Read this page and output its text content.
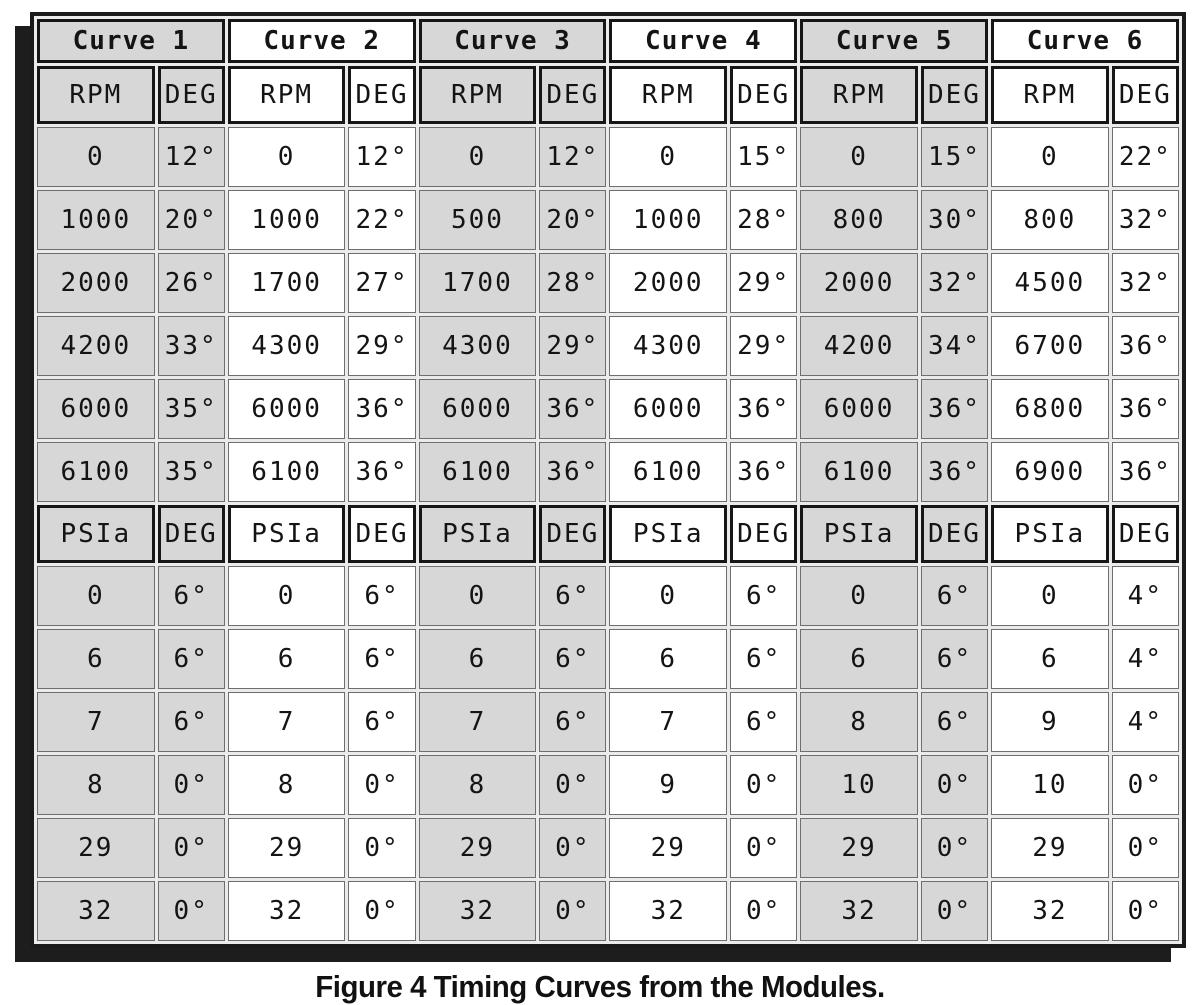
Curve 1		Curve 2		Curve 3		Curve 4		Curve 5		Curve 6	
RPM	DEG	RPM	DEG	RPM	DEG	RPM	DEG	RPM	DEG	RPM	DEG
0	12°	0	12°	0	12°	0	15°	0	15°	0	22°
1000	20°	1000	22°	500	20°	1000	28°	800	30°	800	32°
2000	26°	1700	27°	1700	28°	2000	29°	2000	32°	4500	32°
4200	33°	4300	29°	4300	29°	4300	29°	4200	34°	6700	36°
6000	35°	6000	36°	6000	36°	6000	36°	6000	36°	6800	36°
6100	35°	6100	36°	6100	36°	6100	36°	6100	36°	6900	36°
PSIa	DEG	PSIa	DEG	PSIa	DEG	PSIa	DEG	PSIa	DEG	PSIa	DEG
0	6°	0	6°	0	6°	0	6°	0	6°	0	4°
6	6°	6	6°	6	6°	6	6°	6	6°	6	4°
7	6°	7	6°	7	6°	7	6°	8	6°	9	4°
8	0°	8	0°	8	0°	9	0°	10	0°	10	0°
29	0°	29	0°	29	0°	29	0°	29	0°	29	0°
32	0°	32	0°	32	0°	32	0°	32	0°	32	0°
Figure 4 Timing Curves from the Modules.
